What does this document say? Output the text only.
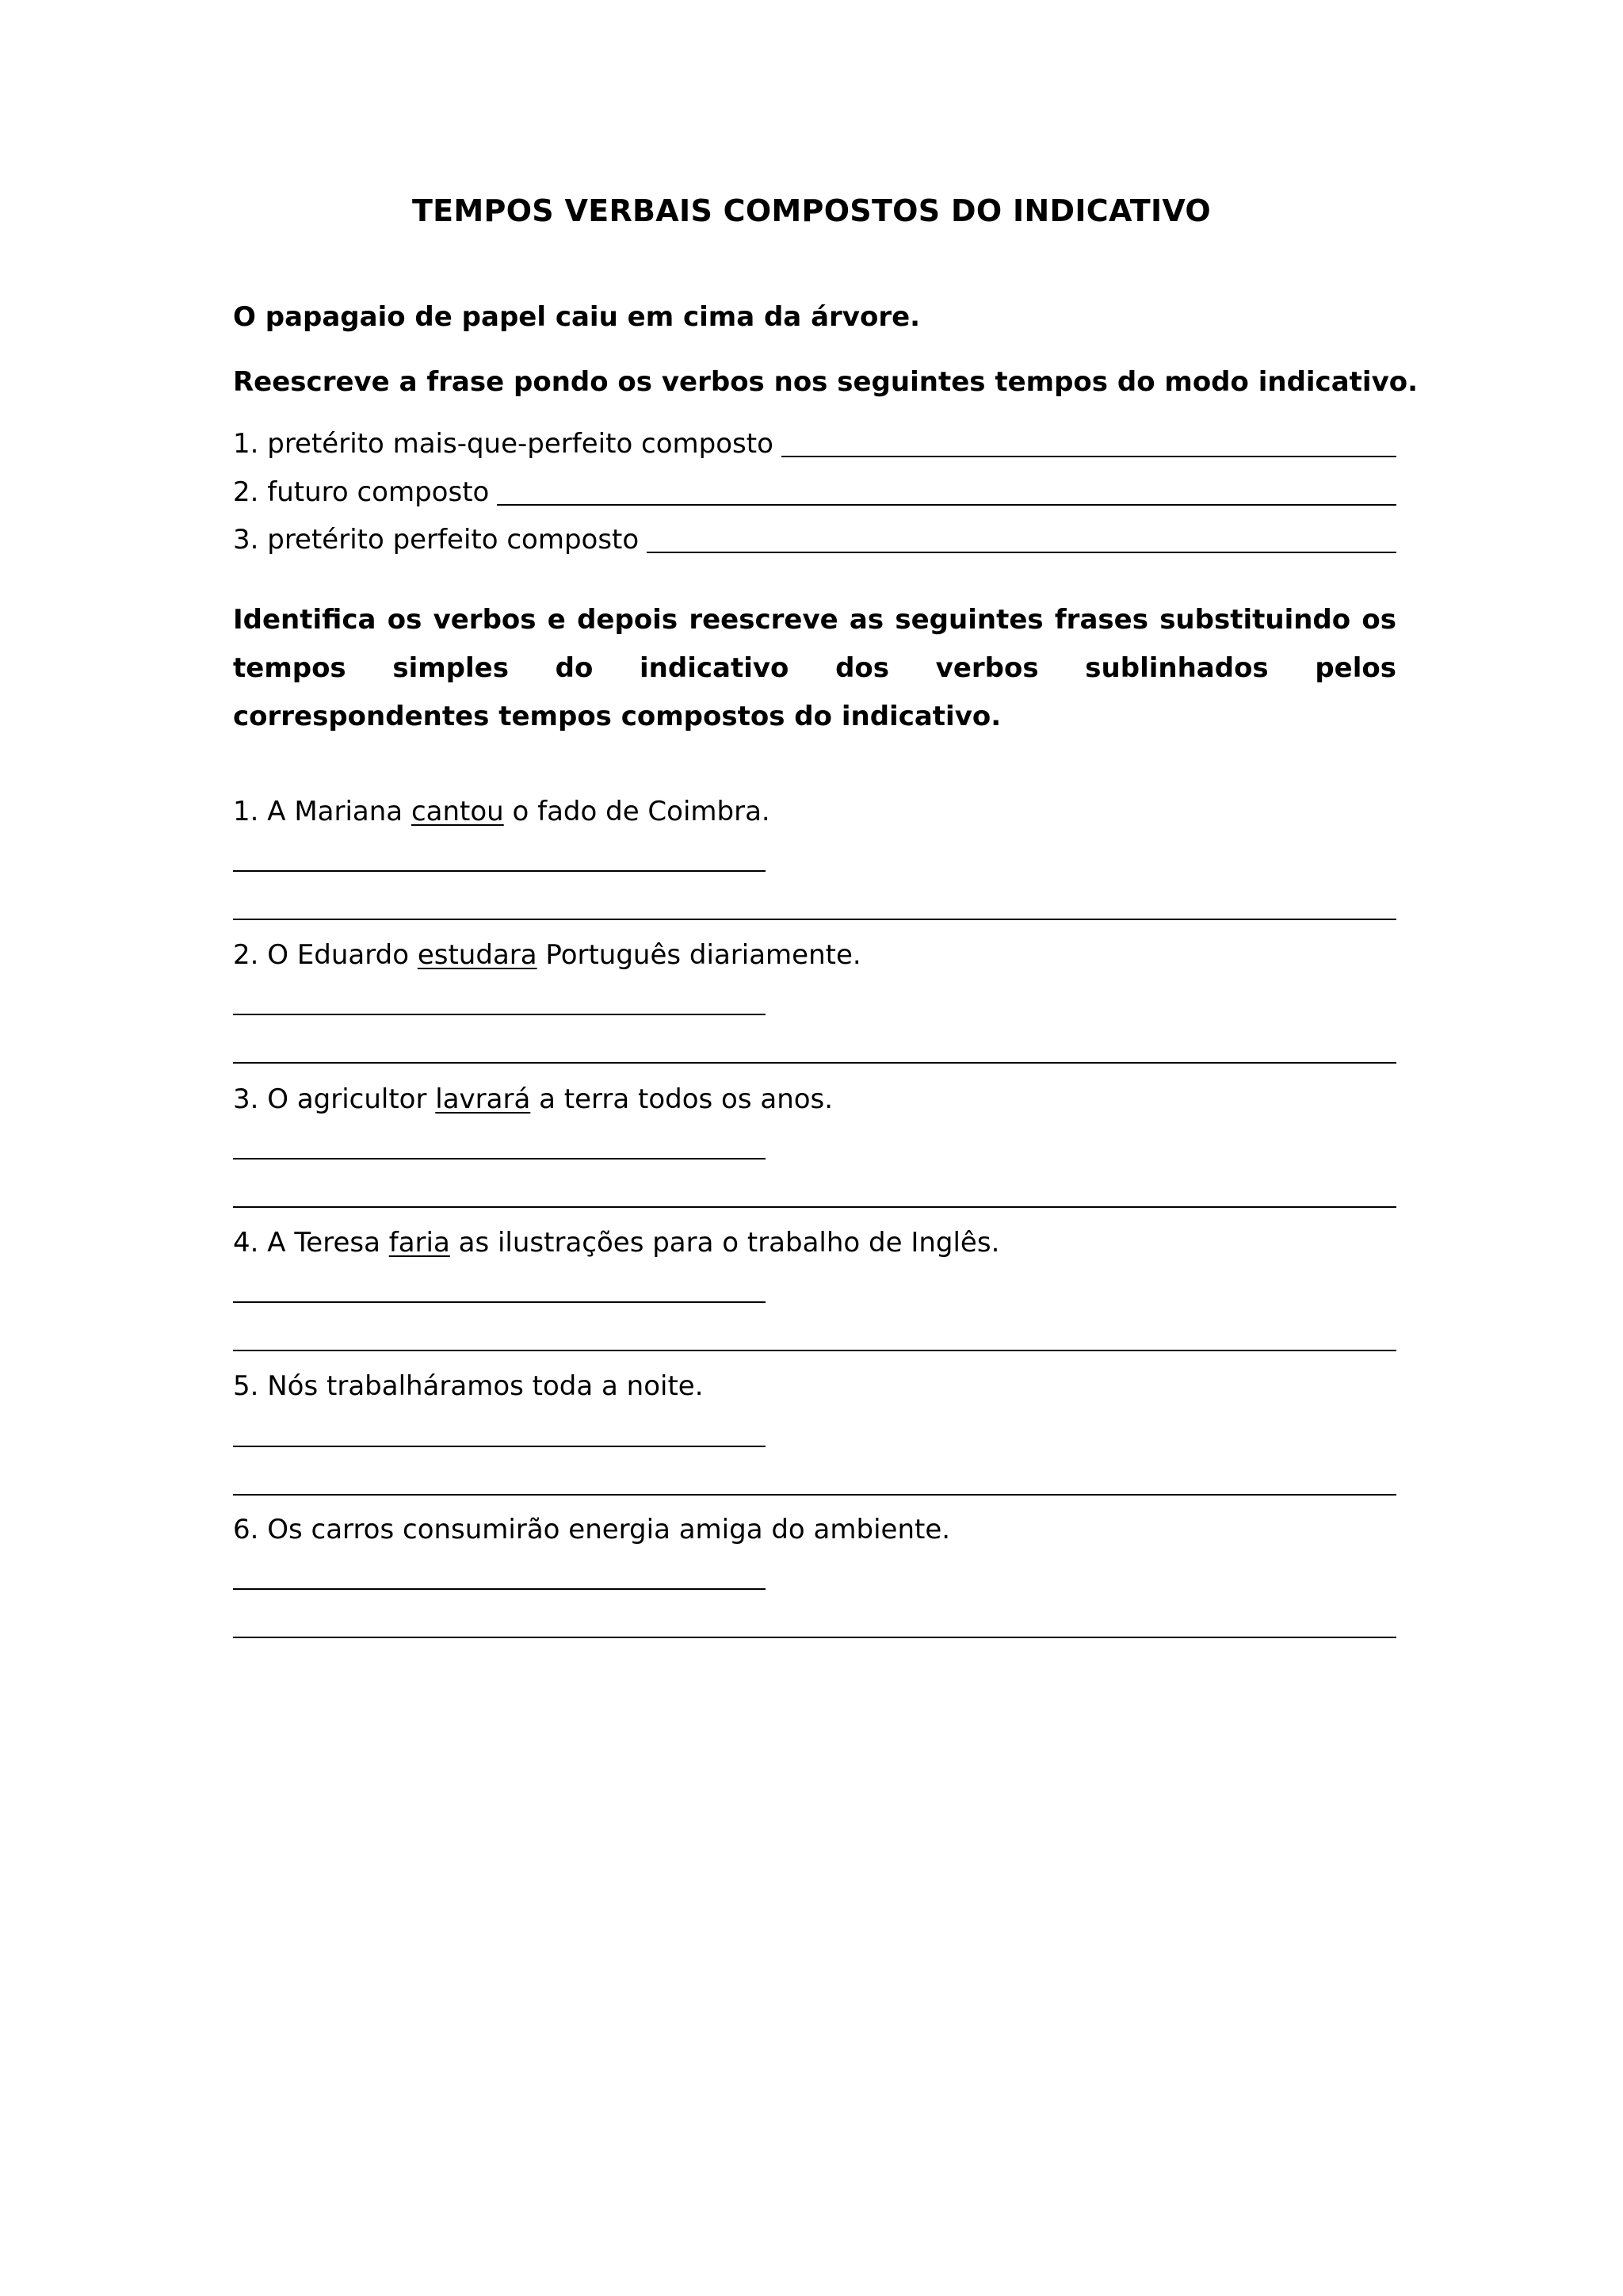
TEMPOS VERBAIS COMPOSTOS DO INDICATIVO
O papagaio de papel caiu em cima da árvore.
Reescreve a frase pondo os verbos nos seguintes tempos do modo indicativo.
1. pretérito mais-que-perfeito composto
2. futuro composto
3. pretérito perfeito composto
Identifica os verbos e depois reescreve as seguintes frases substituindo os tempos simples do indicativo dos verbos sublinhados pelos correspondentes tempos compostos do indicativo.
1. A Mariana cantou o fado de Coimbra.
2. O Eduardo estudara Português diariamente.
3. O agricultor lavrará a terra todos os anos.
4. A Teresa faria as ilustrações para o trabalho de Inglês.
5. Nós trabalháramos toda a noite.
6. Os carros consumirão energia amiga do ambiente.
